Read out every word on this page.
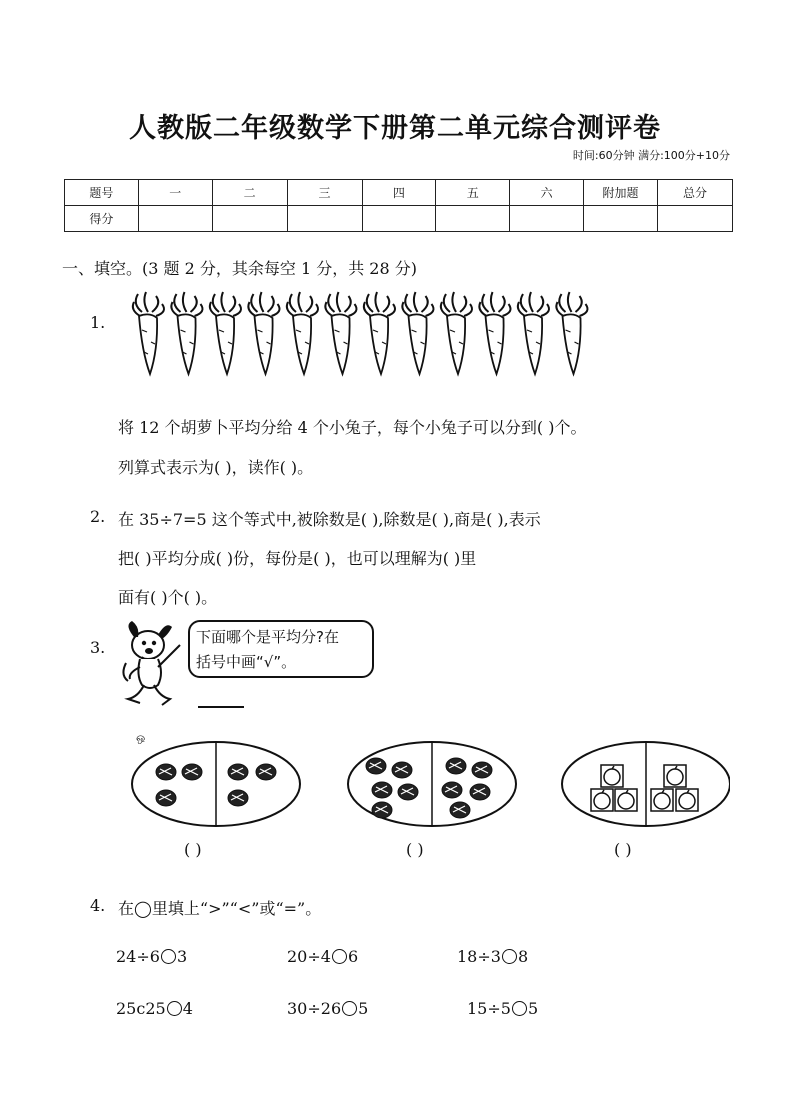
人教版二年级数学下册第二单元综合测评卷
时间:60分钟 满分:100分+10分
题号	一	二	三	四	五	六	附加题	总分
得分								
一、填空。(3 题 2 分，其余每空 1 分，共 28 分)
1.
将 12 个胡萝卜平均分给 4 个小兔子，每个小兔子可以分到( )个。
列算式表示为( )，读作( )。
2. 在 35÷7=5 这个等式中,被除数是( ),除数是( ),商是( ),表示
把( )平均分成( )份，每份是( )，也可以理解为( )里
面有( )个( )。
3.
下面哪个是平均分?在
括号中画“√”。
ஒ
( )	( )	( )
4. 在◯里填上“>”“<”或“=”。
24÷6 3	20÷4 6	18÷3 8
25c25 4	30÷26 5	15÷5 5
